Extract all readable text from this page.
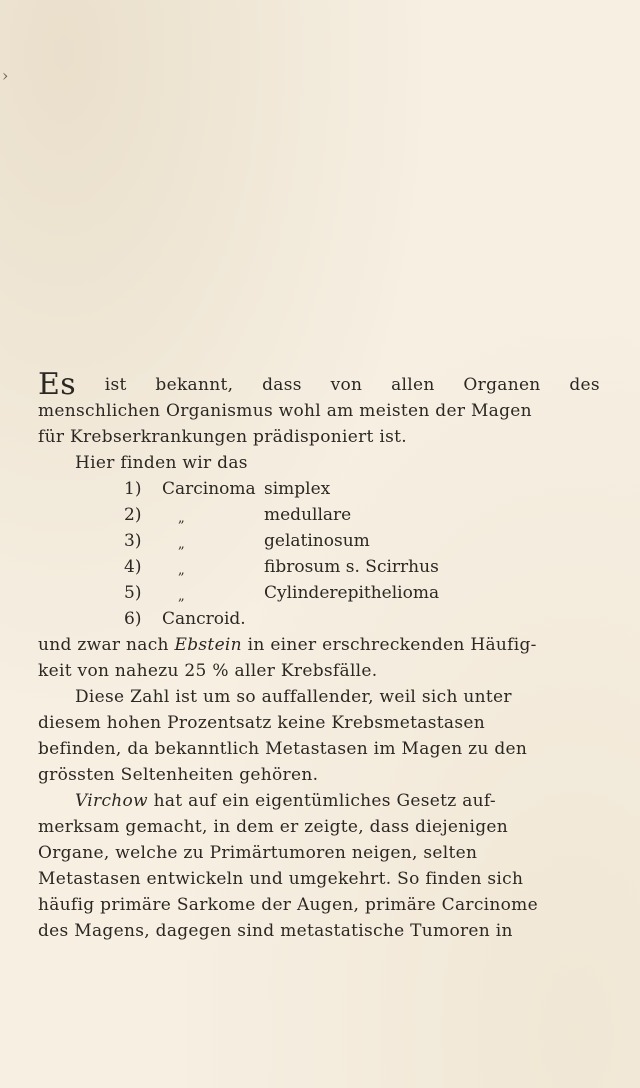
›
Es ist bekannt, dass von allen Organen des
menschlichen Organismus wohl am meisten der Magen
für Krebserkrankungen prädisponiert ist.
Hier finden wir das
1) Carcinoma simplex
2)	„	medullare
3)	„	gelatinosum
4)	„	fibrosum s. Scirrhus
5)	„	Cylinderepithelioma
6) Cancroid.
und zwar nach Ebstein in einer erschreckenden Häufig-
keit von nahezu 25 % aller Krebsfälle.
Diese Zahl ist um so auffallender, weil sich unter
diesem hohen Prozentsatz keine Krebsmetastasen
befinden, da bekanntlich Metastasen im Magen zu den
grössten Seltenheiten gehören.
Virchow hat auf ein eigentümliches Gesetz auf-
merksam gemacht, in dem er zeigte, dass diejenigen
Organe, welche zu Primärtumoren neigen, selten
Metastasen entwickeln und umgekehrt. So finden sich
häufig primäre Sarkome der Augen, primäre Carcinome
des Magens, dagegen sind metastatische Tumoren in
